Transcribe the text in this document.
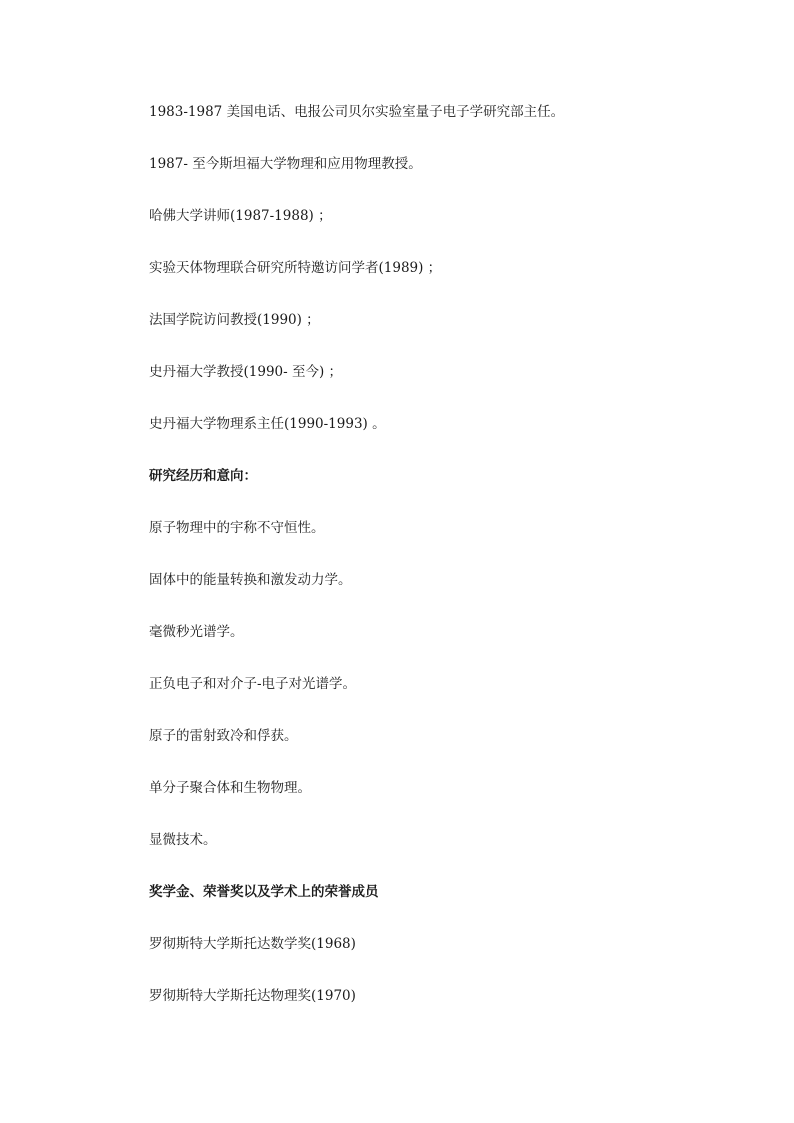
1983-1987 美国电话、电报公司贝尔实验室量子电子学研究部主任。

1987- 至今斯坦福大学物理和应用物理教授。

哈佛大学讲师(1987-1988) ；

实验天体物理联合研究所特邀访问学者(1989) ；

法国学院访问教授(1990) ；

史丹福大学教授(1990- 至今) ；

史丹福大学物理系主任(1990-1993) 。

研究经历和意向：

原子物理中的宇称不守恒性。

固体中的能量转换和激发动力学。

毫微秒光谱学。

正负电子和对介子-电子对光谱学。

原子的雷射致冷和俘获。

单分子聚合体和生物物理。

显微技术。

奖学金、荣誉奖以及学术上的荣誉成员

罗彻斯特大学斯托达数学奖(1968)

罗彻斯特大学斯托达物理奖(1970)
